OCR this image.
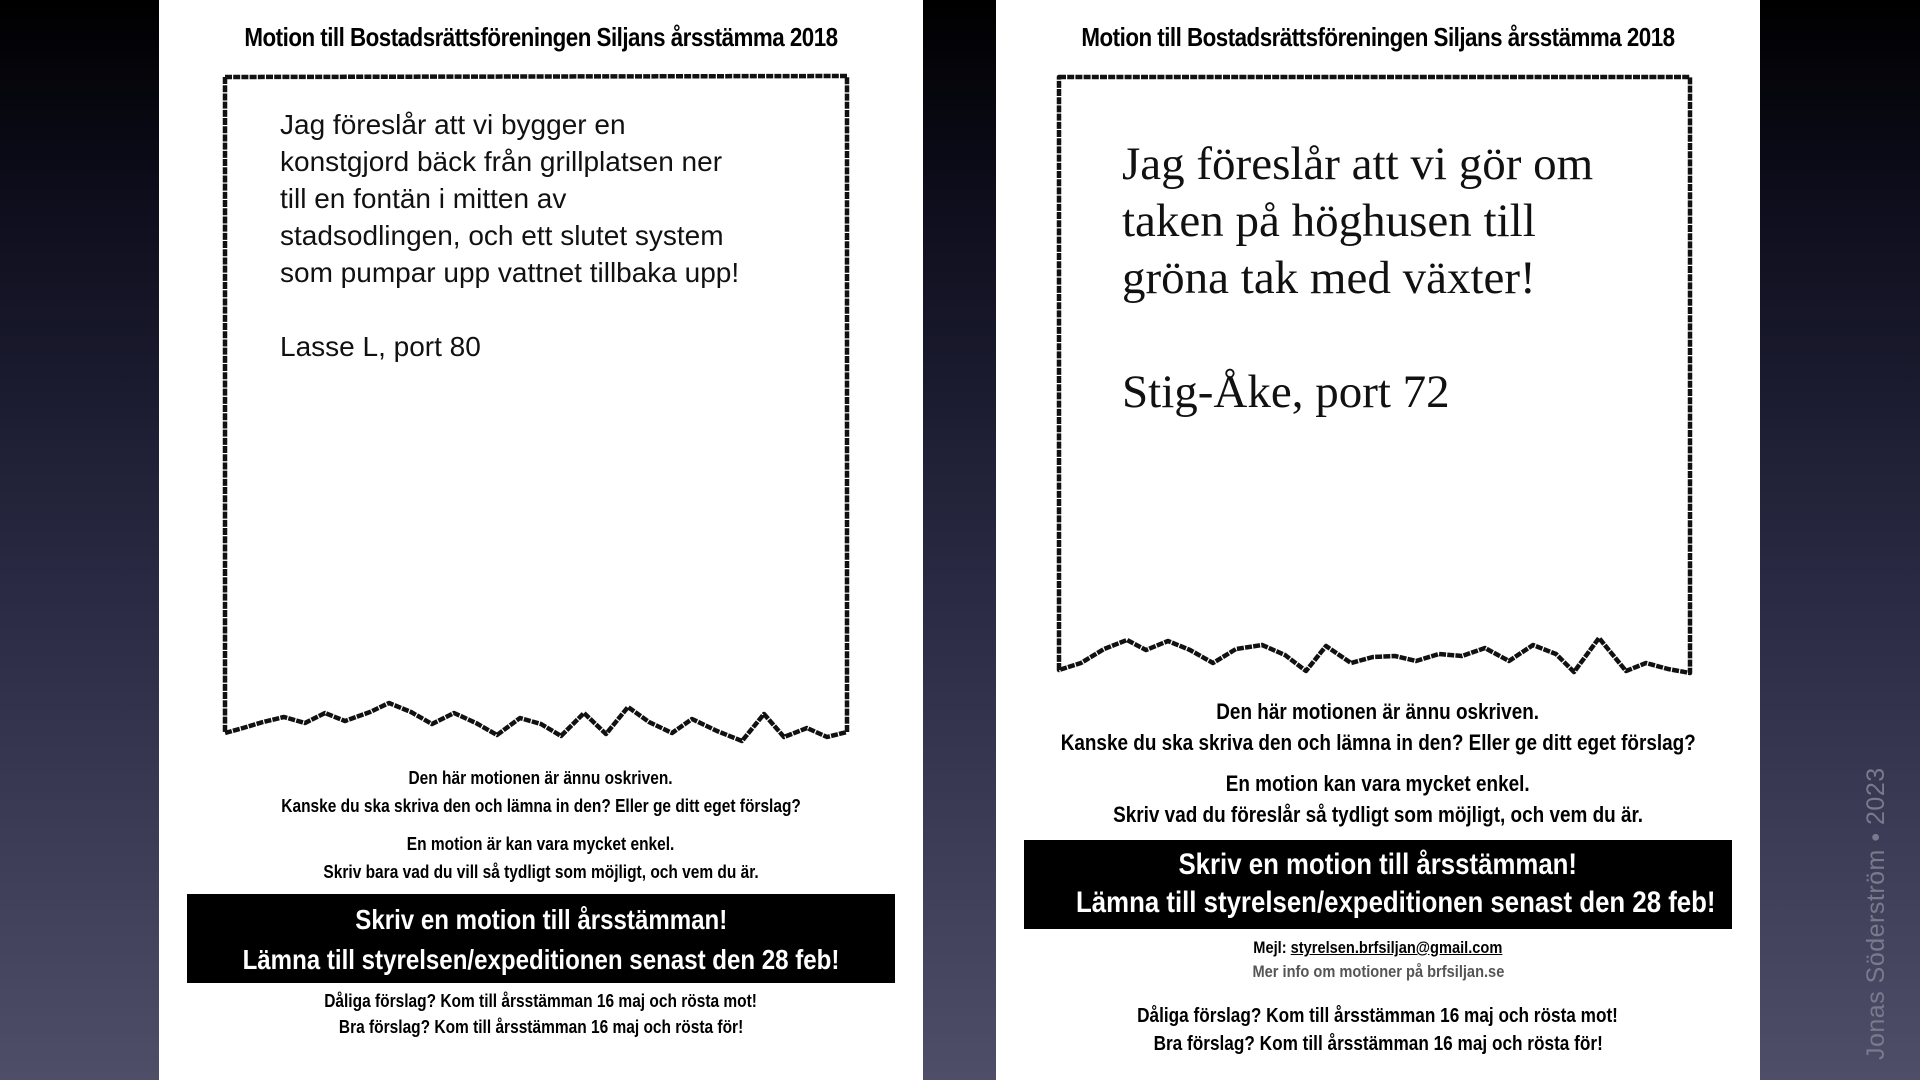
Motion till Bostadsrättsföreningen Siljans årsstämma 2018

Jag föreslår att vi bygger en

konstgjord bäck från grillplatsen ner

till en fontän i mitten av

stadsodlingen, och ett slutet system

som pumpar upp vattnet tillbaka upp!

Lasse L, port 80

Den här motionen är ännu oskriven.

Kanske du ska skriva den och lämna in den? Eller ge ditt eget förslag?

En motion är kan vara mycket enkel.

Skriv bara vad du vill så tydligt som möjligt, och vem du är.

Skriv en motion till årsstämman!

Lämna till styrelsen/expeditionen senast den 28 feb!

Dåliga förslag? Kom till årsstämman 16 maj och rösta mot!

Bra förslag? Kom till årsstämman 16 maj och rösta för!

Motion till Bostadsrättsföreningen Siljans årsstämma 2018

Jag föreslår att vi gör om

taken på höghusen till

gröna tak med växter!

Stig-Åke, port 72

Den här motionen är ännu oskriven.

Kanske du ska skriva den och lämna in den? Eller ge ditt eget förslag?

En motion kan vara mycket enkel.

Skriv vad du föreslår så tydligt som möjligt, och vem du är.

Skriv en motion till årsstämman!

Lämna till styrelsen/expeditionen senast den 28 feb!

Mejl: styrelsen.brfsiljan@gmail.com

Mer info om motioner på brfsiljan.se

Dåliga förslag? Kom till årsstämman 16 maj och rösta mot!

Bra förslag? Kom till årsstämman 16 maj och rösta för!	Jonas Söderström • 2023
